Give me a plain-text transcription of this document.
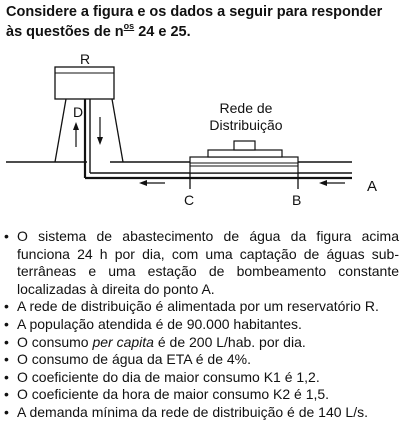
Considere a figura e os dados a seguir para responder
às questões de $n^{os}$ 24 e 25.
R
D	Rede de
Distribuição
A
B
C
• O sistema de abastecimento de água da figura acima
funciona 24 h por dia, com uma captação de águas sub-
terrâneas e uma estação de bombeamento constante
localizadas à direita do ponto A.
• A rede de distribuição é alimentada por um reservatório R.
• A população atendida é de 90.000 habitantes.
• O consumo per capita é de 200 L/hab. por dia.
• O consumo de água da ETA é de 4%.
• O coeficiente do dia de maior consumo K1 é 1,2.
• O coeficiente da hora de maior consumo K2 é 1,5.
• A demanda mínima da rede de distribuição é de 140 L/s.
